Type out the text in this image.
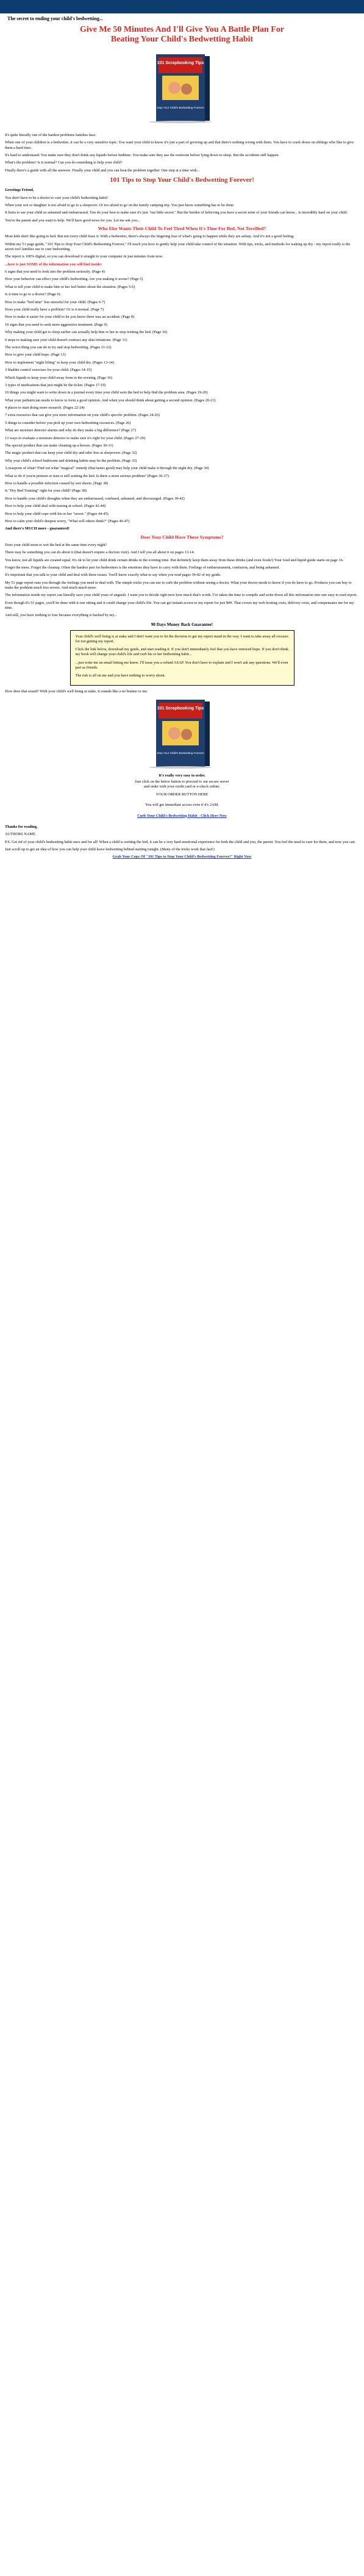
The secret to ending your child's bedwetting...
Give Me 50 Minutes And I'll Give You A Battle Plan For
Beating Your Child's Bedwetting Habit
101 Scrapbooking Tips
Stop Your Child's Bedwetting Forever!

It's quite literally one of the hardest problems families face.

When one of your children is a bedwetter, it can be a very sensitive topic. You want your child to know it's just a part of growing up and that there's nothing wrong with them. You have to crack down on siblings who like to give them a hard time.

It's hard to understand. You make sure they don't drink any liquids before bedtime. You make sure they use the restroom before lying down to sleep. But the accidents still happen.

What's the problem? Is it normal? Can you do something to help your child?

Finally there's a guide with all the answers. Finally your child and you can beat the problem together. One step at a time with...

101 Tips to Stop Your Child's Bedwetting Forever!

Greetings Friend,

You don't have to be a doctor to cure your child's bedwetting habit!

When your son or daughter is too afraid to go to a sleepover. Or too afraid to go on the family camping trip. You just know something has to be done.

It hurts to see your child so ashamed and embarrassed. You do your best to make sure it's just "our little secret." But the burden of believing you have a secret none of your friends can know... is incredibly hard on your child.

You're the parent and you want to help. We'll have good news for you. Let me ask you...

Who Else Wants Their Child To Feel Tired When It's Time For Bed, Not Terrified?

Most kids don't like going to bed. But not every child fears it. With a bedwetter, there's always the lingering fear of what's going to happen while they are asleep. And it's not a good feeling.

Within my 51 page guide, "101 Tips to Stop Your Child's Bedwetting Forever," I'll teach you how to gently help your child take control of the situation. With tips, tricks, and methods for waking up dry - my report really is the secret tool families use to cure bedwetting.

The report is 100% digital, so you can download it straight to your computer in just minutes from now.

...here is just SOME of the information you will find inside:

6 signs that you need to look into the problem seriously. (Page 4)

How your behavior can effect your child's bedwetting. Are you making it worse? (Page 5)

What to tell your child to make him or her feel better about the situation. (Pages 5-6)

Is it time to go to a doctor? (Page 6)

How to make "bed time" less stressful for your child. (Pages 6-7)

Does your child really have a problem? Or is it normal. (Page 7)

How to make it easier for your child to let you know there was an accident. (Page 8)

10 signs that you need to seek more aggressive treatment. (Page 9)

Why making your child get to sleep earlier can actually help him or her to stop wetting the bed. (Page 10)

6 steps to making sure your child doesn't contract any skin irritations. (Page 11)

The worst thing you can do to try and stop bedwetting. (Pages 11-12)

How to give your child hope. (Page 13)

How to implement "night lifting" to keep your child dry. (Pages 13-14)

3 bladder control exercises for your child. (Pages 14-15)

Which liquids to keep your child away from in the evening. (Page 16)

3 types of medications that just might be the ticket. (Pages 17-19)

10 things you might want to write down in a journal every time your child wets the bed to help find the problem area. (Pages 19-20)

What your pediatrician needs to know to form a good opinion. And when you should think about getting a second opinion. (Pages 20-21)

4 places to start doing more research. (Pages 22-24)

7 extra resources that can give you more information on your child's specific problem. (Pages 24-26)

5 things to consider before you pick up your own bedwetting resources. (Page 26)

What are moisture detector alarms and why do they make a big difference? (Page 27)

13 ways to evaluate a moisture detector to make sure it's right for your child. (Pages 27-29)

The special product that can make cleaning up a breeze. (Pages 30-31)

The magic product that can keep your child dry and odor free at sleepovers. (Page 32)

Why your child's school bathroom and drinking habits may be the problem. (Page 33)

A teaspoon of what? Find out what "magical" remedy (that tastes good) may help your child make it through the night dry. (Page 34)

What to do if you're preteen or teen is still wetting the bed. Is there a more serious problem? (Pages 36-37)

How to handle a possible infection caused by wet sheets. (Page 38)

Is "Dry Bed Training" right for your child? (Page 38)

How to handle your child's thoughts when they are embarrassed, confused, ashamed, and discouraged. (Pages 39-42)

How to help your child deal with teasing at school. (Pages 42-44)

How to help your child cope with his or her "secret." (Pages 44-45)

How to calm your child's deepest worry, "What will others think?" (Pages 46-47)

And there's MUCH more - guaranteed!

Does Your Child Have These Symptoms?

Does your child seem to wet the bed at the same time every night?

There may be something you can do about it (that doesn't require a doctors visit). And I tell you all about it on pages 13-14.

You know, not all liquids are created equal. It's ok to let your child drink certain drinks in the evening time. But definitely keep them away from these drinks (and even foods!) Your food and liquid guide starts on page 16.

Forget the mess. Forget the cleanup. Often the hardest part for bedwetters is the emotions they have to carry with them. Feelings of embarrassment, confusion, and being ashamed.

It's important that you talk to your child and deal with these issues. You'll know exactly what to say when you read pages 39-42 of my guide.

My 51 page report runs you through the feelings you need to deal with. The simple tricks you can use to curb the problem without seeing a doctor. What your doctor needs to know if you do have to go. Products you can buy to make the problem much less severe. And much much more.

The information inside my report can literally save your child years of anguish. I want you to decide right now how much that's worth. I've taken the time to compile and write down all this information into one easy to read report.

Even though it's 51 pages, you'll be done with it one sitting and it could change your child's life. You can get instant access to my report for just $##. That covers my web hosting costs, delivery costs, and compensates me for my time.

And still, you have nothing to lose because everything is backed by my...

90 Days Money Back Guarantee!

Your child's well being is at stake and I don't want you to let the decision to get my report stand in the way. I want to take away all excuses for not getting my report.

Click the link below, download my guide, and start reading it. If you don't immediately feel that you have renewed hope. If you don't think my book will change your child's life and curb his or her bedwetting habit...

...just write me an email letting me know. I'll issue you a refund ASAP. You don't have to explain and I won't ask any questions. We'll even part as friends.

The risk is all on me and you have nothing to worry about.

How does that sound? With your child's well being at stake, it sounds like a no brainer to me.

101 Scrapbooking Tips
Stop Your Child's Bedwetting Forever!

It's really very easy to order.

Just click on the below button to proceed to our secure server

and order with your credit card or e-check online.

YOUR ORDER BUTTON HERE

You will get immediate access even if it's 2AM.

Curb Your Child's Bedwetting Habit - Click Here Now

Thanks for reading,

AUTHORS NAME

P.S. Get rid of your child's bedwetting habit once and for all! When a child is wetting the bed, it can be a very hard emotional experience for both the child and you, the parent. You feel the need to care for them, and now you can.

Just scroll up to get an idea of how you can help your child leave bedwetting behind starting tonight. (Many of the tricks work that fast!)

Grab Your Copy Of "101 Tips to Stop Your Child's Bedwetting Forever!" Right Now
